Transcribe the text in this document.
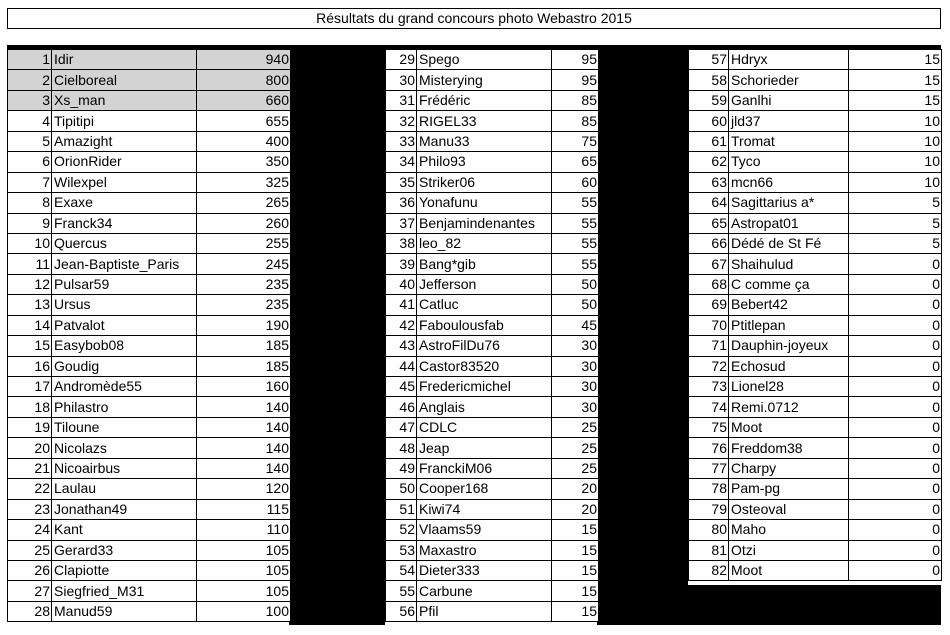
Résultats du grand concours photo Webastro 2015
1	Idir	940
2	Cielboreal	800
3	Xs_man	660
4	Tipitipi	655
5	Amazight	400
6	OrionRider	350
7	Wilexpel	325
8	Exaxe	265
9	Franck34	260
10	Quercus	255
11	Jean-Baptiste_Paris	245
12	Pulsar59	235
13	Ursus	235
14	Patvalot	190
15	Easybob08	185
16	Goudig	185
17	Andromède55	160
18	Philastro	140
19	Tiloune	140
20	Nicolazs	140
21	Nicoairbus	140
22	Laulau	120
23	Jonathan49	115
24	Kant	110
25	Gerard33	105
26	Clapiotte	105
27	Siegfried_M31	105
28	Manud59	100
29	Spego	95
30	Misterying	95
31	Frédéric	85
32	RIGEL33	85
33	Manu33	75
34	Philo93	65
35	Striker06	60
36	Yonafunu	55
37	Benjamindenantes	55
38	leo_82	55
39	Bang*gib	55
40	Jefferson	50
41	Catluc	50
42	Faboulousfab	45
43	AstroFilDu76	30
44	Castor83520	30
45	Fredericmichel	30
46	Anglais	30
47	CDLC	25
48	Jeap	25
49	FranckiM06	25
50	Cooper168	20
51	Kiwi74	20
52	Vlaams59	15
53	Maxastro	15
54	Dieter333	15
55	Carbune	15
56	Pfil	15
57	Hdryx	15
58	Schorieder	15
59	Ganlhi	15
60	jld37	10
61	Tromat	10
62	Tyco	10
63	mcn66	10
64	Sagittarius a*	5
65	Astropat01	5
66	Dédé de St Fé	5
67	Shaihulud	0
68	C comme ça	0
69	Bebert42	0
70	Ptitlepan	0
71	Dauphin-joyeux	0
72	Echosud	0
73	Lionel28	0
74	Remi.0712	0
75	Moot	0
76	Freddom38	0
77	Charpy	0
78	Pam-pg	0
79	Osteoval	0
80	Maho	0
81	Otzi	0
82	Moot	0
